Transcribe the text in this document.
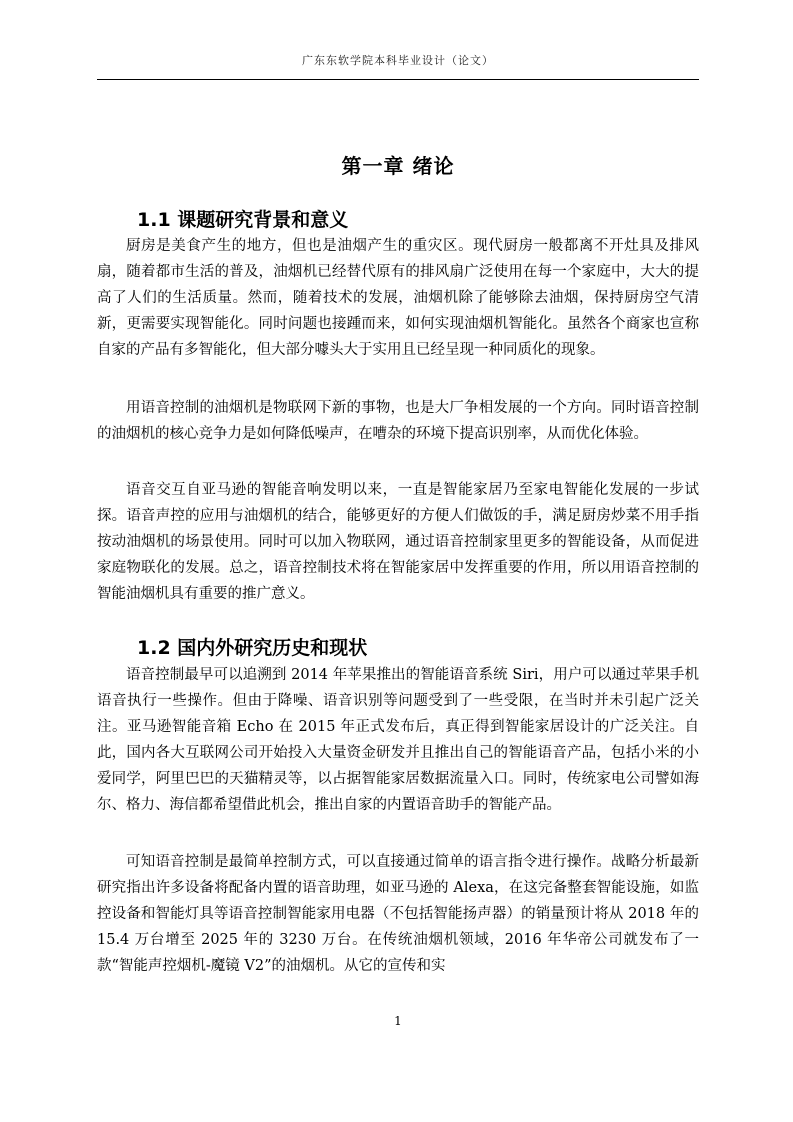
广东东软学院本科毕业设计（论文）
第一章 绪论
1.1 课题研究背景和意义

厨房是美食产生的地方，但也是油烟产生的重灾区。现代厨房一般都离不开灶具及排风扇，随着都市生活的普及，油烟机已经替代原有的排风扇广泛使用在每一个家庭中，大大的提高了人们的生活质量。然而，随着技术的发展，油烟机除了能够除去油烟，保持厨房空气清新，更需要实现智能化。同时问题也接踵而来，如何实现油烟机智能化。虽然各个商家也宣称自家的产品有多智能化，但大部分噱头大于实用且已经呈现一种同质化的现象。

用语音控制的油烟机是物联网下新的事物，也是大厂争相发展的一个方向。同时语音控制的油烟机的核心竞争力是如何降低噪声，在嘈杂的环境下提高识别率，从而优化体验。

语音交互自亚马逊的智能音响发明以来，一直是智能家居乃至家电智能化发展的一步试探。语音声控的应用与油烟机的结合，能够更好的方便人们做饭的手，满足厨房炒菜不用手指按动油烟机的场景使用。同时可以加入物联网，通过语音控制家里更多的智能设备，从而促进家庭物联化的发展。总之，语音控制技术将在智能家居中发挥重要的作用，所以用语音控制的智能油烟机具有重要的推广意义。

1.2 国内外研究历史和现状

语音控制最早可以追溯到 2014 年苹果推出的智能语音系统 Siri，用户可以通过苹果手机语音执行一些操作。但由于降噪、语音识别等问题受到了一些受限，在当时并未引起广泛关注。亚马逊智能音箱 Echo 在 2015 年正式发布后，真正得到智能家居设计的广泛关注。自此，国内各大互联网公司开始投入大量资金研发并且推出自己的智能语音产品，包括小米的小爱同学，阿里巴巴的天猫精灵等，以占据智能家居数据流量入口。同时，传统家电公司譬如海尔、格力、海信都希望借此机会，推出自家的内置语音助手的智能产品。

可知语音控制是最简单控制方式，可以直接通过简单的语言指令进行操作。战略分析最新研究指出许多设备将配备内置的语音助理，如亚马逊的 Alexa，在这完备整套智能设施，如监控设备和智能灯具等语音控制智能家用电器（不包括智能扬声器）的销量预计将从 2018 年的 15.4 万台增至 2025 年的 3230 万台。在传统油烟机领域，2016 年华帝公司就发布了一款“智能声控烟机-魔镜 V2”的油烟机。从它的宣传和实

1
